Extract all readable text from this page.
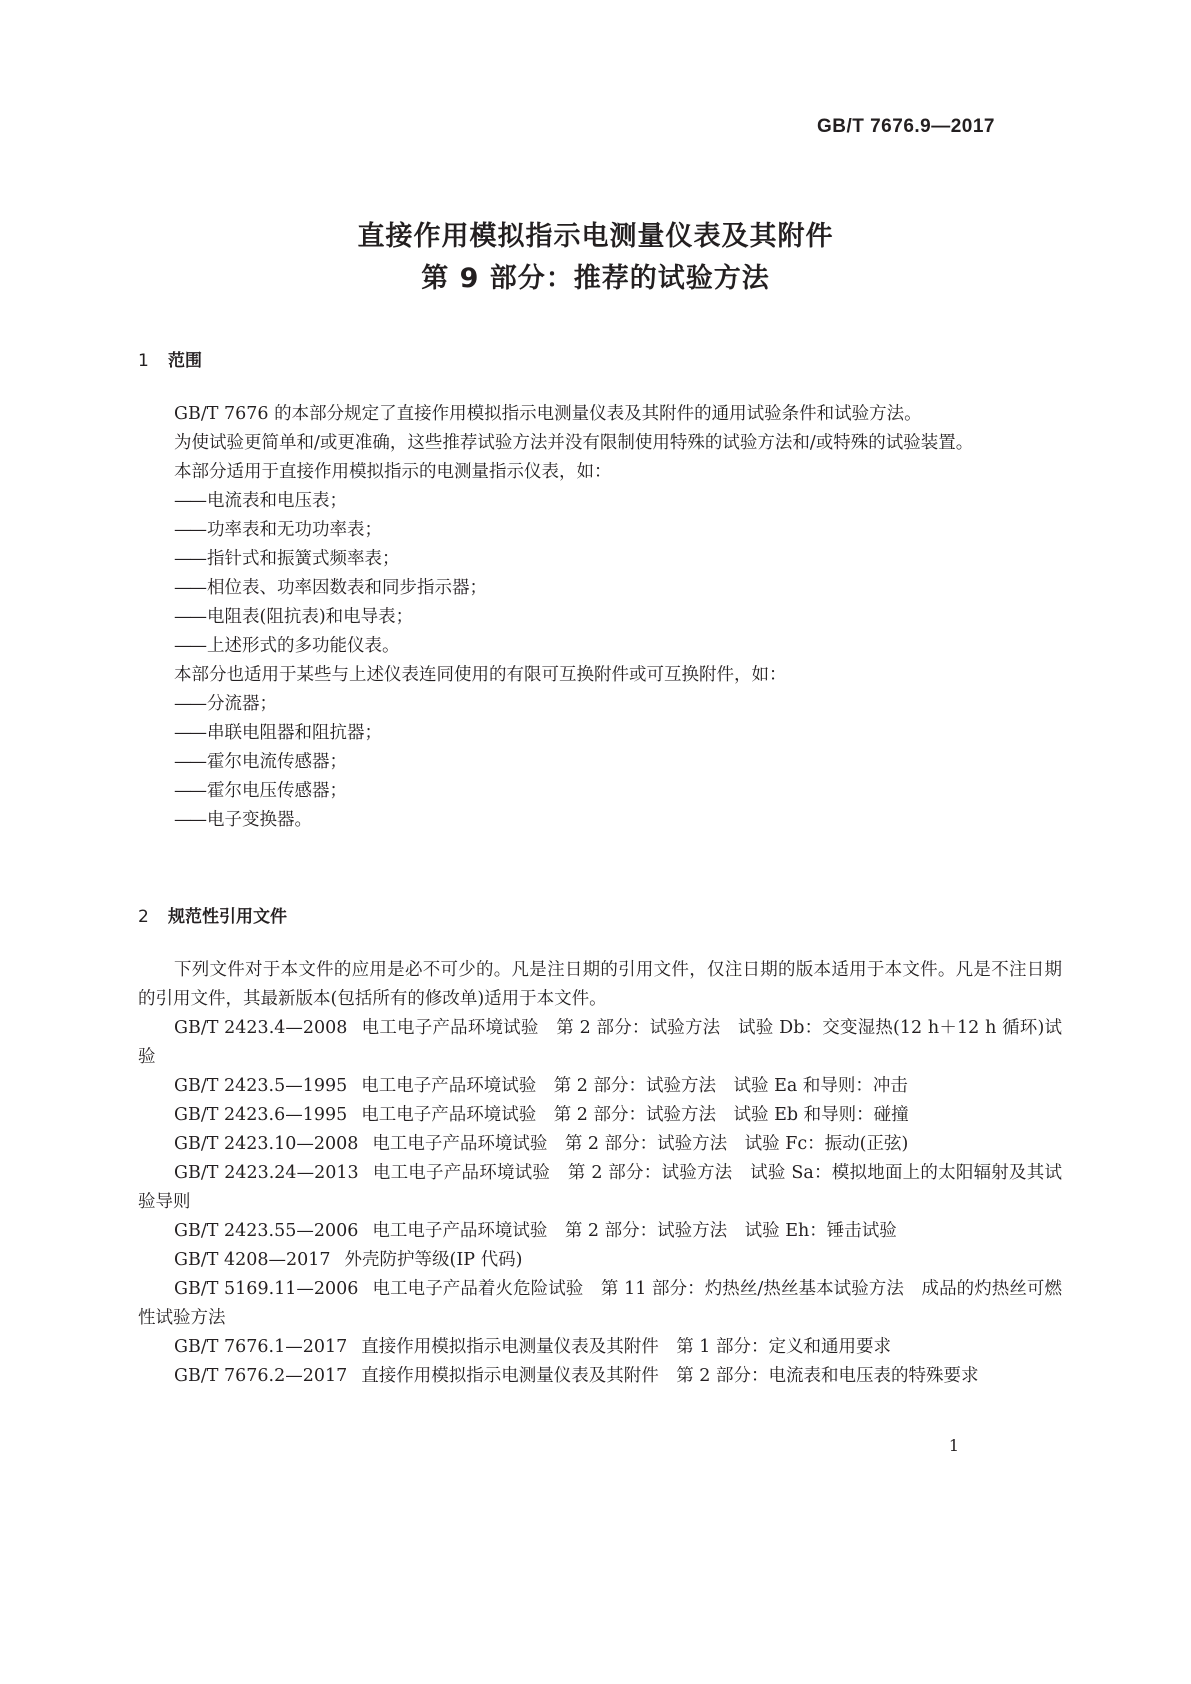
GB/T 7676.9—2017
直接作用模拟指示电测量仪表及其附件
第 9 部分：推荐的试验方法
1 范围

GB/T 7676 的本部分规定了直接作用模拟指示电测量仪表及其附件的通用试验条件和试验方法。

为使试验更简单和/或更准确，这些推荐试验方法并没有限制使用特殊的试验方法和/或特殊的试验装置。

本部分适用于直接作用模拟指示的电测量指示仪表，如：

—— 电流表和电压表；

—— 功率表和无功功率表；

—— 指针式和振簧式频率表；

—— 相位表、功率因数表和同步指示器；

—— 电阻表(阻抗表)和电导表；

—— 上述形式的多功能仪表。

本部分也适用于某些与上述仪表连同使用的有限可互换附件或可互换附件，如：

—— 分流器；

—— 串联电阻器和阻抗器；

—— 霍尔电流传感器；

—— 霍尔电压传感器；

—— 电子变换器。

2 规范性引用文件

下列文件对于本文件的应用是必不可少的。凡是注日期的引用文件，仅注日期的版本适用于本文件。凡是不注日期的引用文件，其最新版本(包括所有的修改单)适用于本文件。

GB/T 2423.4—2008 电工电子产品环境试验　第 2 部分：试验方法　试验 Db：交变湿热(12 h＋12 h 循环)试验

GB/T 2423.5—1995 电工电子产品环境试验　第 2 部分：试验方法　试验 Ea 和导则：冲击

GB/T 2423.6—1995 电工电子产品环境试验　第 2 部分：试验方法　试验 Eb 和导则：碰撞

GB/T 2423.10—2008 电工电子产品环境试验　第 2 部分：试验方法　试验 Fc：振动(正弦)

GB/T 2423.24—2013 电工电子产品环境试验　第 2 部分：试验方法　试验 Sa：模拟地面上的太阳辐射及其试验导则

GB/T 2423.55—2006 电工电子产品环境试验　第 2 部分：试验方法　试验 Eh：锤击试验

GB/T 4208—2017 外壳防护等级(IP 代码)

GB/T 5169.11—2006 电工电子产品着火危险试验　第 11 部分：灼热丝/热丝基本试验方法　成品的灼热丝可燃性试验方法

GB/T 7676.1—2017 直接作用模拟指示电测量仪表及其附件　第 1 部分：定义和通用要求

GB/T 7676.2—2017 直接作用模拟指示电测量仪表及其附件　第 2 部分：电流表和电压表的特殊要求

1
